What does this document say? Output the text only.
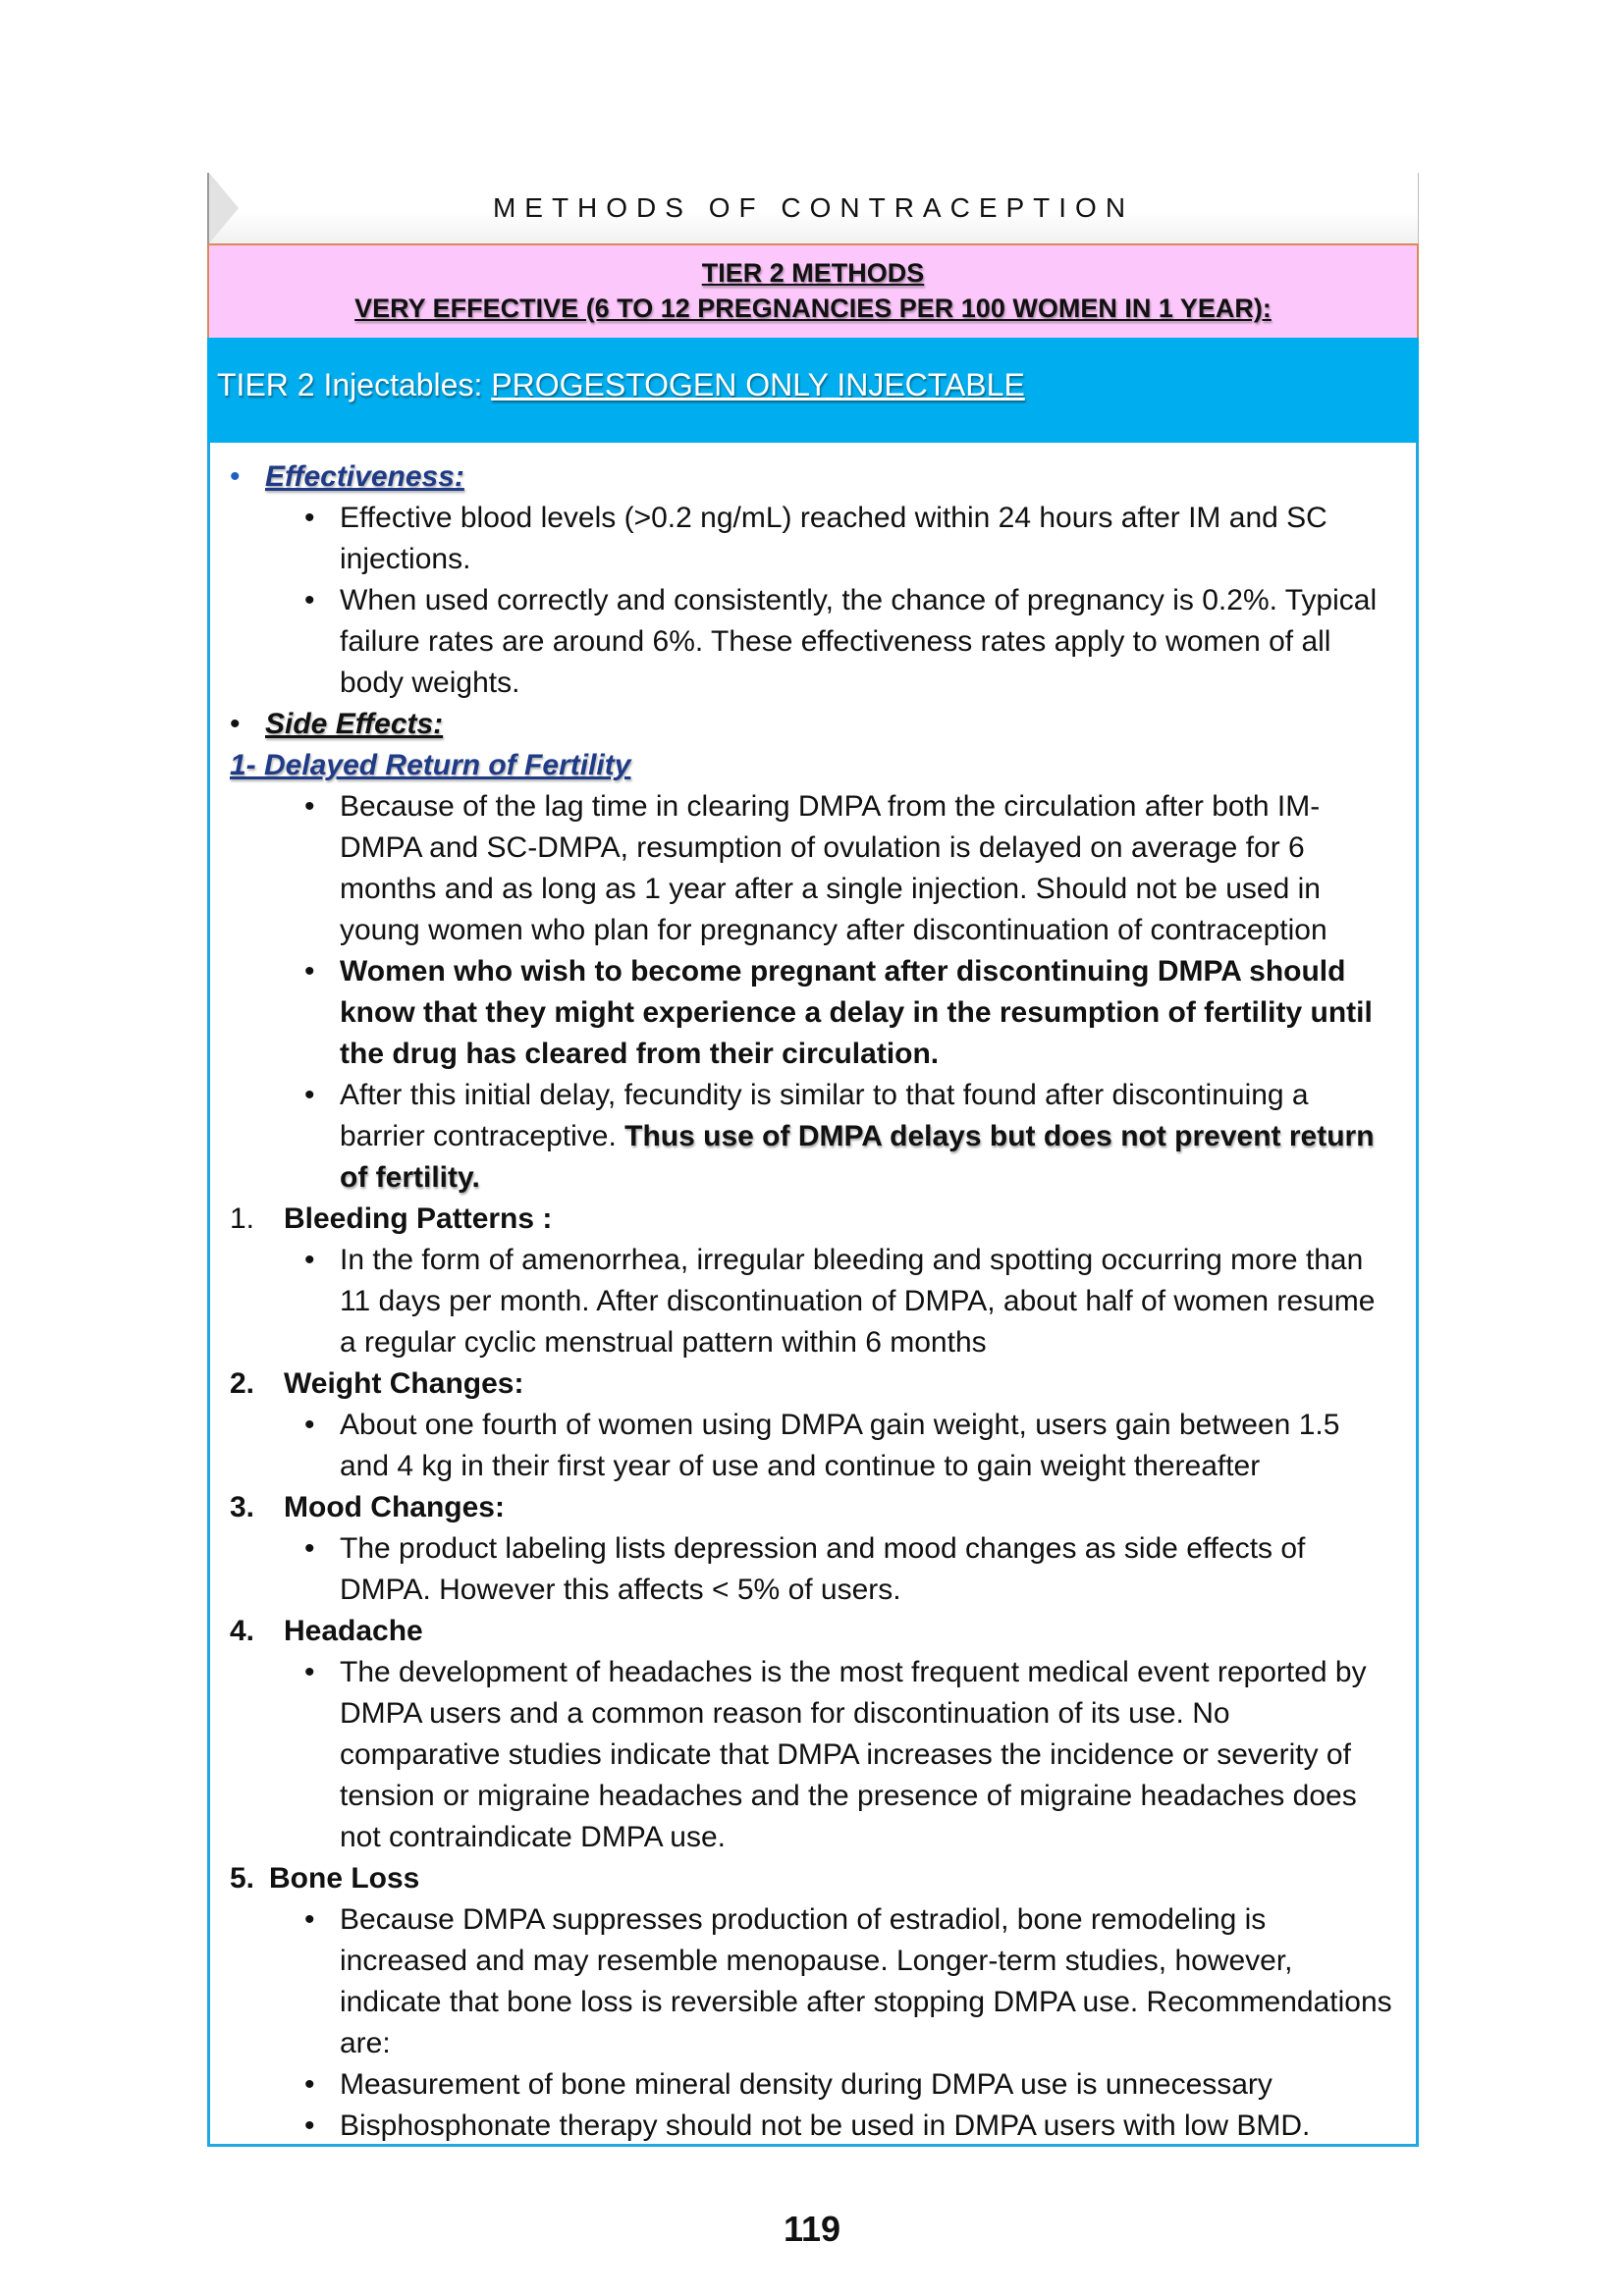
METHODS OF CONTRACEPTION
TIER 2 METHODS
VERY EFFECTIVE (6 TO 12 PREGNANCIES PER 100 WOMEN IN 1 YEAR):
TIER 2 Injectables: PROGESTOGEN ONLY INJECTABLE
• Effectiveness:
• Effective blood levels (>0.2 ng/mL) reached within 24 hours after IM and SC injections.
• When used correctly and consistently, the chance of pregnancy is 0.2%. Typical failure rates are around 6%. These effectiveness rates apply to women of all body weights.
• Side Effects:
1- Delayed Return of Fertility
• Because of the lag time in clearing DMPA from the circulation after both IM-DMPA and SC-DMPA, resumption of ovulation is delayed on average for 6 months and as long as 1 year after a single injection. Should not be used in young women who plan for pregnancy after discontinuation of contraception
• Women who wish to become pregnant after discontinuing DMPA should know that they might experience a delay in the resumption of fertility until the drug has cleared from their circulation.
• After this initial delay, fecundity is similar to that found after discontinuing a barrier contraceptive. Thus use of DMPA delays but does not prevent return of fertility.
1. Bleeding Patterns :
• In the form of amenorrhea, irregular bleeding and spotting occurring more than 11 days per month. After discontinuation of DMPA, about half of women resume a regular cyclic menstrual pattern within 6 months
2. Weight Changes:
• About one fourth of women using DMPA gain weight, users gain between 1.5 and 4 kg in their first year of use and continue to gain weight thereafter
3. Mood Changes:
• The product labeling lists depression and mood changes as side effects of DMPA. However this affects < 5% of users.
4. Headache
• The development of headaches is the most frequent medical event reported by DMPA users and a common reason for discontinuation of its use. No comparative studies indicate that DMPA increases the incidence or severity of tension or migraine headaches and the presence of migraine headaches does not contraindicate DMPA use.
5. Bone Loss
• Because DMPA suppresses production of estradiol, bone remodeling is increased and may resemble menopause. Longer-term studies, however, indicate that bone loss is reversible after stopping DMPA use. Recommendations are:
• Measurement of bone mineral density during DMPA use is unnecessary
• Bisphosphonate therapy should not be used in DMPA users with low BMD.
119
